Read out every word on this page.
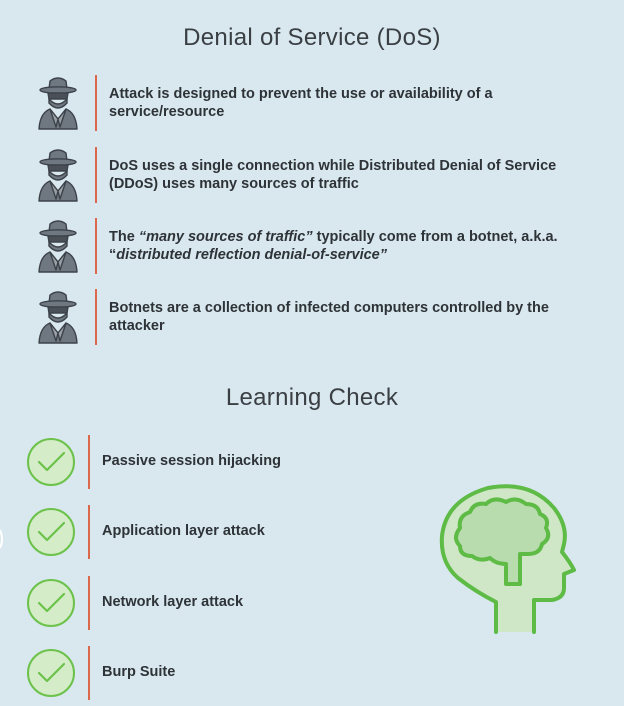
Denial of Service (DoS)
Attack is designed to prevent the use or availability of a service/resource
DoS uses a single connection while Distributed Denial of Service (DDoS) uses many sources of traffic
The “many sources of traffic” typically come from a botnet, a.k.a. “distributed reflection denial-of-service”
Botnets are a collection of infected computers controlled by the attacker
Learning Check
Passive session hijacking
Application layer attack
Network layer attack
Burp Suite
